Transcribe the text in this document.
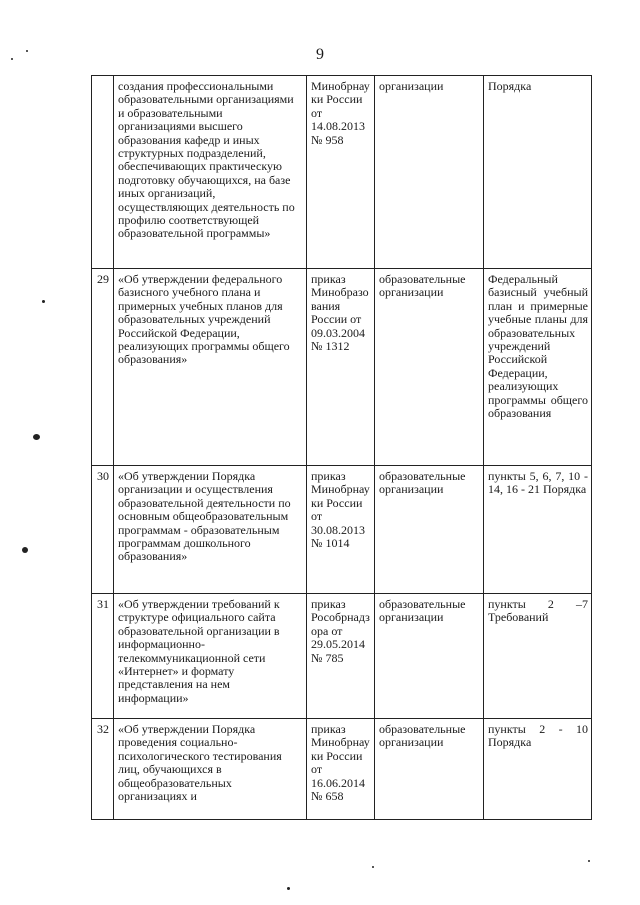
9
	создания профессиональными образовательными организациями и образовательными организациями высшего образования кафедр и иных структурных подразделений, обеспечивающих практическую подготовку обучающихся, на базе иных организаций, осуществляющих деятельность по профилю соответствующей образовательной программы»	Минобрнау ки России от 14.08.2013 № 958	организации	Порядка
29	«Об утверждении федерального базисного учебного плана и примерных учебных планов для образовательных учреждений Российской Федерации, реализующих программы общего образования»	приказ Минобразо вания России от 09.03.2004 № 1312	образовательные организации	Федеральный базисный учебный план и примерные учебные планы для образовательных учреждений Российской Федерации, реализующих программы общего образования
30	«Об утверждении Порядка организации и осуществления образовательной деятельности по основным общеобразовательным программам - образовательным программам дошкольного образования»	приказ Минобрнау ки России от 30.08.2013 № 1014	образовательные организации	пункты 5, 6, 7, 10 - 14, 16 - 21 Порядка
31	«Об утверждении требований к структуре официального сайта образовательной организации в информационно-телекоммуникационной сети «Интернет» и формату представления на нем информации»	приказ Рособрнадз ора от 29.05.2014 № 785	образовательные организации	пункты 2 –7 Требований
32	«Об утверждении Порядка проведения социально-психологического тестирования лиц, обучающихся в общеобразовательных организациях и	приказ Минобрнау ки России от 16.06.2014 № 658	образовательные организации	пункты 2 - 10 Порядка
